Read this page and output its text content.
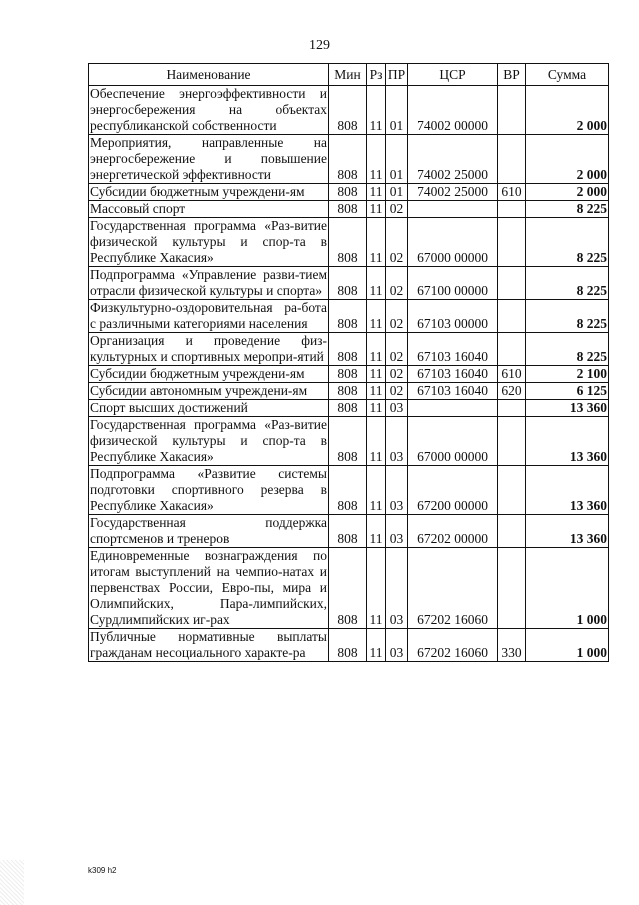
129
Наименование	Мин	Рз	ПР	ЦСР	ВР	Сумма
Обеспечение энергоэффективности и энергосбережения на объектах республиканской собственности	808	11	01	74002 00000		2 000
Мероприятия, направленные на энергосбережение и повышение энергетической эффективности	808	11	01	74002 25000		2 000
Субсидии бюджетным учреждени-ям	808	11	01	74002 25000	610	2 000
Массовый спорт	808	11	02			8 225
Государственная программа «Раз-витие физической культуры и спор-та в Республике Хакасия»	808	11	02	67000 00000		8 225
Подпрограмма «Управление разви-тием отрасли физической культуры и спорта»	808	11	02	67100 00000		8 225
Физкультурно-оздоровительная ра-бота с различными категориями населения	808	11	02	67103 00000		8 225
Организация и проведение физ-культурных и спортивных меропри-ятий	808	11	02	67103 16040		8 225
Субсидии бюджетным учреждени-ям	808	11	02	67103 16040	610	2 100
Субсидии автономным учреждени-ям	808	11	02	67103 16040	620	6 125
Спорт высших достижений	808	11	03			13 360
Государственная программа «Раз-витие физической культуры и спор-та в Республике Хакасия»	808	11	03	67000 00000		13 360
Подпрограмма «Развитие системы подготовки спортивного резерва в Республике Хакасия»	808	11	03	67200 00000		13 360
Государственная поддержка спортсменов и тренеров	808	11	03	67202 00000		13 360
Единовременные вознаграждения по итогам выступлений на чемпио-натах и первенствах России, Евро-пы, мира и Олимпийских, Пара-лимпийских, Сурдлимпийских иг-рах	808	11	03	67202 16060		1 000
Публичные нормативные выплаты гражданам несоциального характе-ра	808	11	03	67202 16060	330	1 000
k309 h2
